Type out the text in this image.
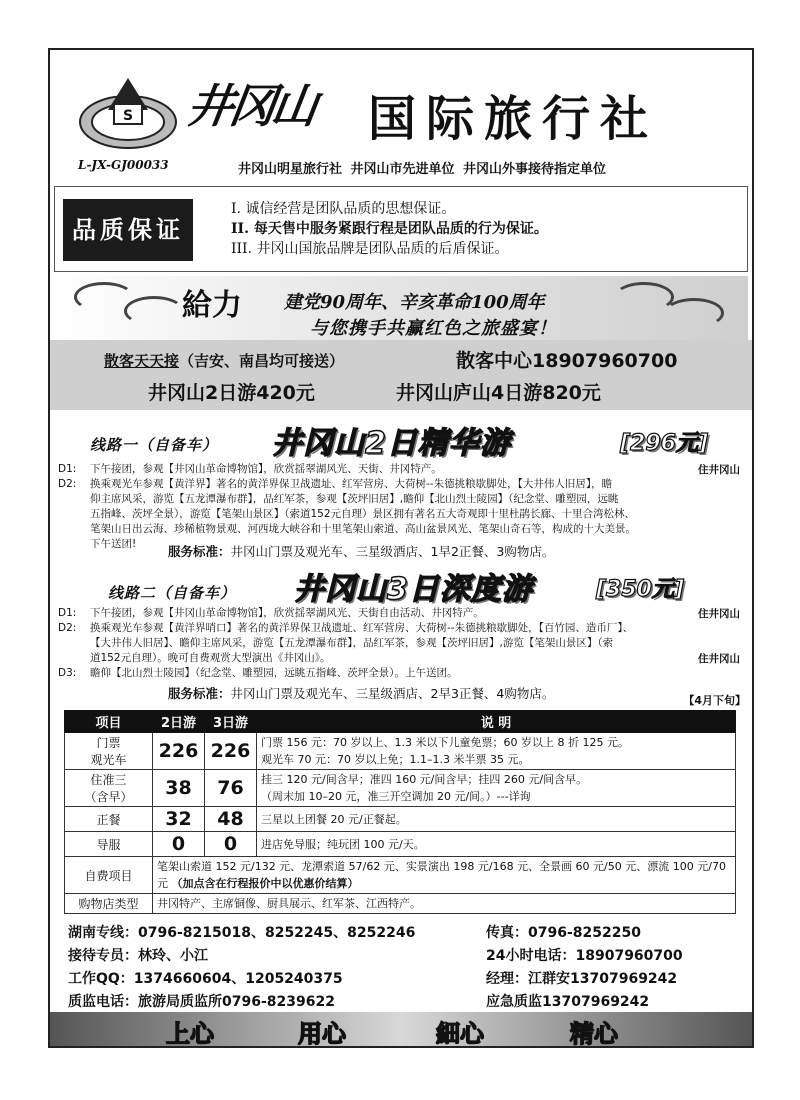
S
L-JX-GJ00033
井冈山 国际旅行社
井冈山明星旅行社 井冈山市先进单位 井冈山外事接待指定单位
品质保证
I. 诚信经营是团队品质的思想保证。
II. 每天售中服务紧跟行程是团队品质的行为保证。
III. 井冈山国旅品牌是团队品质的后盾保证。
給力 建党90周年、辛亥革命100周年
与您携手共赢红色之旅盛宴！
散客天天接（吉安、南昌均可接送）	散客中心18907960700
井冈山2日游420元	井冈山庐山4日游820元
线路一（自备车） 井冈山2日精华游	[296元]
D1: 下午接团，参观【井冈山革命博物馆】，欣赏揺翠湖风光、天街、井冈特产。
D2: 换乘观光车参观【黄洋界】著名的黄洋界保卫战遗址、红军营房、大荷树--朱德挑粮歇脚处，【大井伟人旧居】，瞻
仰主席风采，游览【五龙潭瀑布群】，品红军茶，参观【茨坪旧居】,瞻仰【北山烈士陵园】（纪念堂、雕塑园，远眺
五指峰、茨坪全景），游览【笔架山景区】（索道152元自理）景区拥有著名五大奇观即十里杜鹃长廊、十里合湾松林、
笔架山日出云海、珍稀植物景观、河西垅大峡谷和十里笔架山索道、高山盆景风光、笔架山奇石等，构成的十大美景。
下午送团!
住井冈山
服务标准：井冈山门票及观光车、三星级酒店、1早2正餐、3购物店。
线路二（自备车） 井冈山3日深度游	[350元]
D1: 下午接团，参观【井冈山革命博物馆】，欣赏揺翠湖风光、天街自由活动、井冈特产。
D2: 换乘观光车参观【黄洋界哨口】著名的黄洋界保卫战遗址、红军营房、大荷树--朱德挑粮歇脚处，【百竹园、造币厂】、
【大井伟人旧居】、瞻仰主席风采，游览【五龙潭瀑布群】，品红军茶，参观【茨坪旧居】,游览【笔架山景区】（索
道152元自理）。晚可自费观赏大型演出《井冈山》。
D3: 瞻仰【北山烈士陵园】（纪念堂、雕塑园，远眺五指峰、茨坪全景）。上午送团。
住井冈山
住井冈山
服务标准：井冈山门票及观光车、三星级酒店、2早3正餐、4购物店。	【4月下旬】
项目	2日游	3日游	说 明
门票
观光车	226	226	门票 156 元：70 岁以上、1.3 米以下儿童免票；60 岁以上 8 折 125 元。
观光车 70 元：70 岁以上免；1.1–1.3 米半票 35 元。
住准三
（含早）	38	76	挂三 120 元/间含早；准四 160 元/间含早；挂四 260 元/间含早。
（周末加 10–20 元，准三开空调加 20 元/间。）---详询
正餐	32	48	三星以上团餐 20 元/正餐起。
导服	0	0	进店免导服；纯玩团 100 元/天。
自费项目	笔架山索道 152 元/132 元、龙潭索道 57/62 元、实景演出 198 元/168 元、全景画 60 元/50 元、漂流 100 元/70 元 （加点含在行程报价中以优惠价结算）		
购物店类型	井冈特产、主席铜像、厨具展示、红军茶、江西特产。		
湖南专线：0796-8215018、8252245、8252246	传真：0796-8252250
接待专员：林玲、小江	24小时电话：18907960700
工作QQ：1374660604、1205240375	经理：江群安13707969242
质监电话：旅游局质监所0796-8239622	应急质监13707969242
上心	用心	細心	精心
